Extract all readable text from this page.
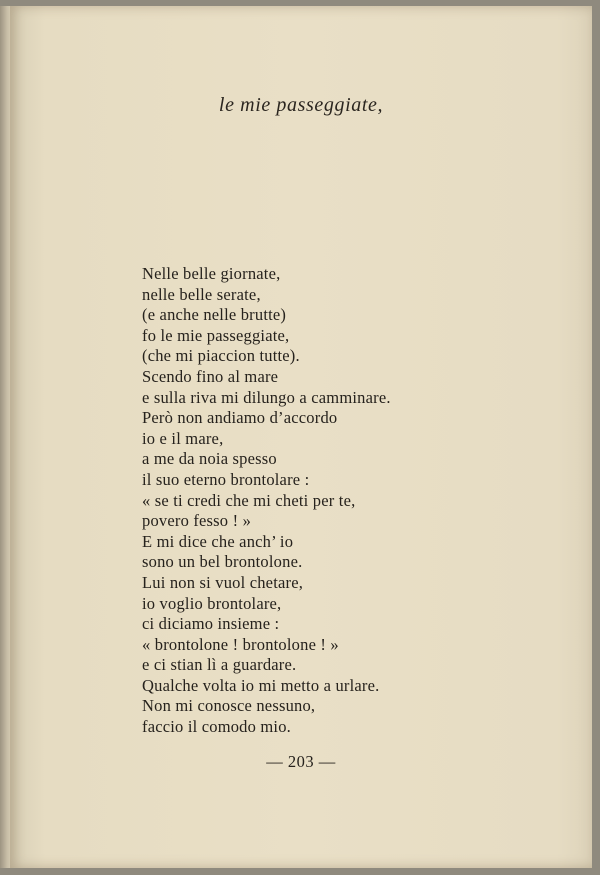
le mie passeggiate,
Nelle belle giornate,
nelle belle serate,
(e anche nelle brutte)
fo le mie passeggiate,
(che mi piaccion tutte).
Scendo fino al mare
e sulla riva mi dilungo a camminare.
Però non andiamo d’accordo
io e il mare,
a me da noia spesso
il suo eterno brontolare :
« se ti credi che mi cheti per te,
povero fesso ! »
E mi dice che anch’ io
sono un bel brontolone.
Lui non si vuol chetare,
io voglio brontolare,
ci diciamo insieme :
« brontolone ! brontolone ! »
e ci stian lì a guardare.
Qualche volta io mi metto a urlare.
Non mi conosce nessuno,
faccio il comodo mio.
— 203 —
